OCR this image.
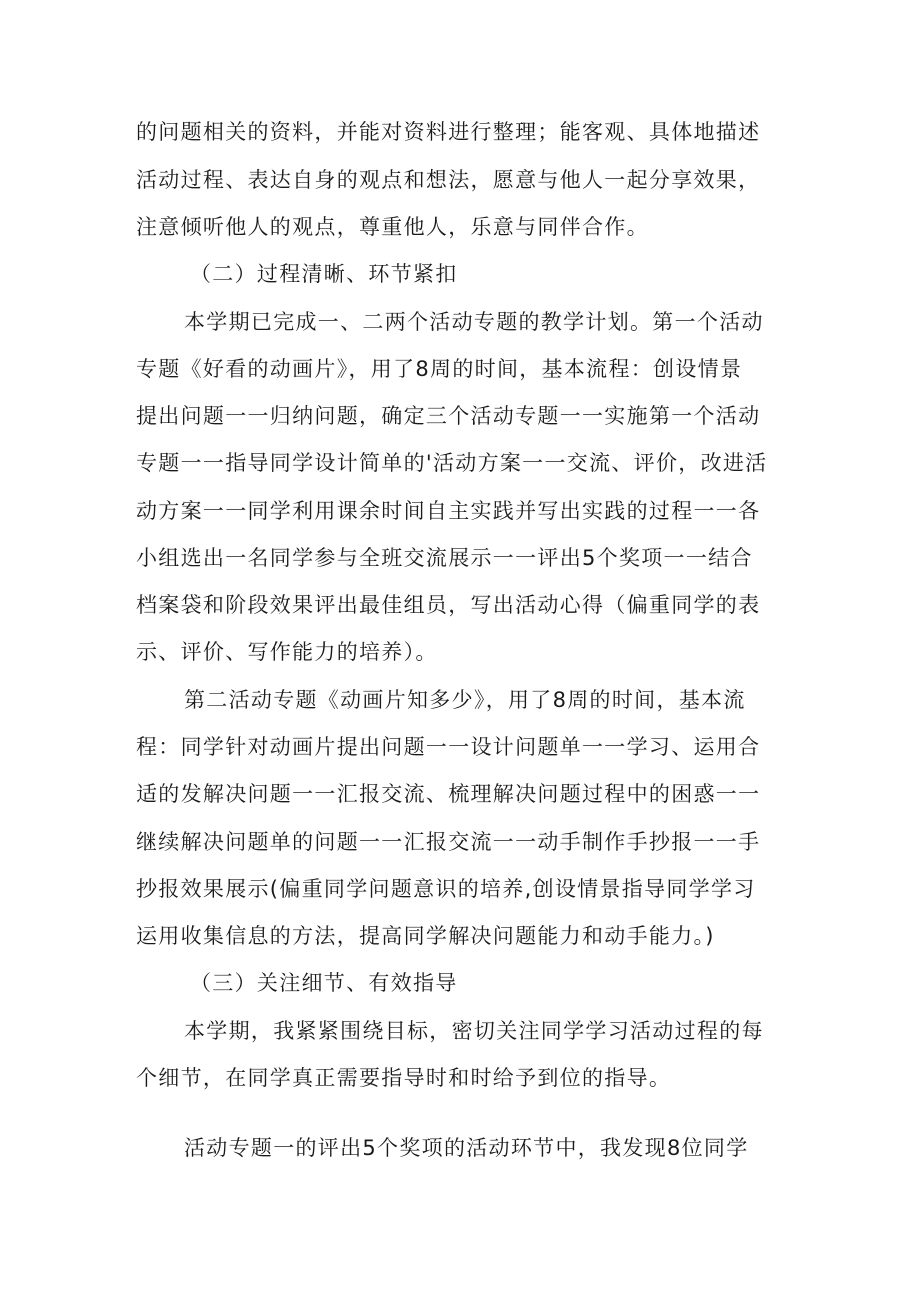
的问题相关的资料，并能对资料进行整理；能客观、具体地描述
活动过程、表达自身的观点和想法，愿意与他人一起分享效果，
注意倾听他人的观点，尊重他人，乐意与同伴合作。
（二）过程清晰、环节紧扣
本学期已完成一、二两个活动专题的教学计划。第一个活动
专题《好看的动画片》，用了8周的时间，基本流程：创设情景
提出问题一一归纳问题，确定三个活动专题一一实施第一个活动
专题一一指导同学设计简单的'活动方案一一交流、评价，改进活
动方案一一同学利用课余时间自主实践并写出实践的过程一一各
小组选出一名同学参与全班交流展示一一评出5个奖项一一结合
档案袋和阶段效果评出最佳组员，写出活动心得（偏重同学的表
示、评价、写作能力的培养）。
第二活动专题《动画片知多少》，用了8周的时间，基本流
程：同学针对动画片提出问题一一设计问题单一一学习、运用合
适的发解决问题一一汇报交流、梳理解决问题过程中的困惑一一
继续解决问题单的问题一一汇报交流一一动手制作手抄报一一手
抄报效果展示(偏重同学问题意识的培养,创设情景指导同学学习
运用收集信息的方法，提高同学解决问题能力和动手能力。)
（三）关注细节、有效指导
本学期，我紧紧围绕目标，密切关注同学学习活动过程的每
个细节，在同学真正需要指导时和时给予到位的指导。
活动专题一的评出5个奖项的活动环节中，我发现8位同学
